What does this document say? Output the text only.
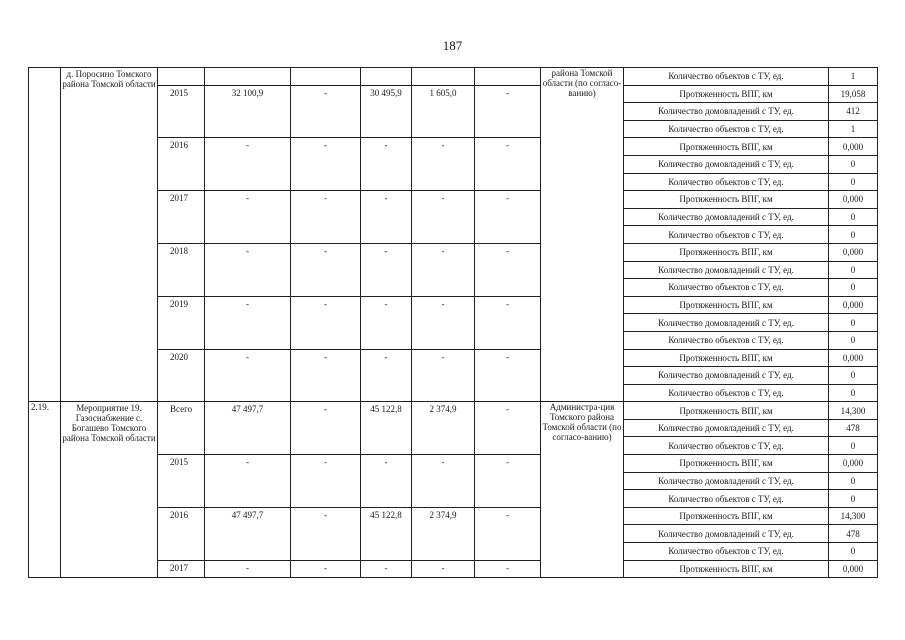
187
	д. Поросино Томского района Томской области							района Томской области (по согласо-ванию)	Количество объектов с ТУ, ед.	1
		2015	32 100,9	-	30 495,9	1 605,0	-		Протяженность ВПГ, км	19,058
									Количество домовладений с ТУ, ед.	412
									Количество объектов с ТУ, ед.	1
		2016	-	-	-	-	-		Протяженность ВПГ, км	0,000
									Количество домовладений с ТУ, ед.	0
									Количество объектов с ТУ, ед.	0
		2017	-	-	-	-	-		Протяженность ВПГ, км	0,000
									Количество домовладений с ТУ, ед.	0
									Количество объектов с ТУ, ед.	0
		2018	-	-	-	-	-		Протяженность ВПГ, км	0,000
									Количество домовладений с ТУ, ед.	0
									Количество объектов с ТУ, ед.	0
		2019	-	-	-	-	-		Протяженность ВПГ, км	0,000
									Количество домовладений с ТУ, ед.	0
									Количество объектов с ТУ, ед.	0
		2020	-	-	-	-	-		Протяженность ВПГ, км	0,000
									Количество домовладений с ТУ, ед.	0
									Количество объектов с ТУ, ед.	0
2.19.	Мероприятие 19. Газоснабжение с. Богашево Томского района Томской области	Всего	47 497,7	-	45 122,8	2 374,9	-	Администра-ция Томского района Томской области (по согласо-ванию)	Протяженность ВПГ, км	14,300
									Количество домовладений с ТУ, ед.	478
									Количество объектов с ТУ, ед.	0
		2015	-	-	-	-	-		Протяженность ВПГ, км	0,000
									Количество домовладений с ТУ, ед.	0
									Количество объектов с ТУ, ед.	0
		2016	47 497,7	-	45 122,8	2 374,9	-		Протяженность ВПГ, км	14,300
									Количество домовладений с ТУ, ед.	478
									Количество объектов с ТУ, ед.	0
		2017	-	-	-	-	-		Протяженность ВПГ, км	0,000
